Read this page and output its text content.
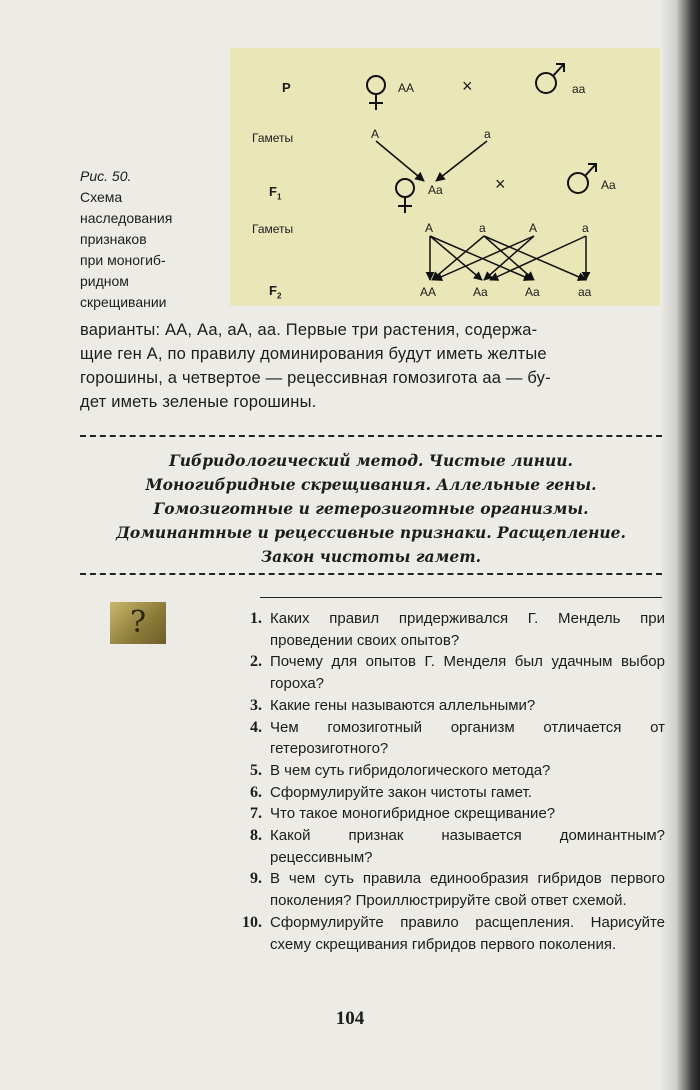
Рис. 50.
Схема
наследования
признаков
при моногиб-
ридном
скрещивании
P
Гаметы
$F_1$
Гаметы
$F_2$
AA	×	aa
A	a
Aa	×	Aa
A	a	A	a
AA	Aa	Aa	aa
варианты: АА, Аа, аА, аа. Первые три растения, содержа-
щие ген А, по правилу доминирования будут иметь желтые
горошины, а четвертое — рецессивная гомозигота аа — бу-
дет иметь зеленые горошины.
Гибридологический метод. Чистые линии.
Моногибридные скрещивания. Аллельные гены.
Гомозиготные и гетерозиготные организмы.
Доминантные и рецессивные признаки. Расщепление.
Закон чистоты гамет.
?	1. Каких правил придерживался Г. Мендель при проведении своих опытов?
2. Почему для опытов Г. Менделя был удачным выбор гороха?
3. Какие гены называются аллельными?
4. Чем гомозиготный организм отличается от гетерозиготного?
5. В чем суть гибридологического метода?
6. Сформулируйте закон чистоты гамет.
7. Что такое моногибридное скрещивание?
8. Какой признак называется доминантным? рецессивным?
9. В чем суть правила единообразия гибридов первого поколения? Проиллюстрируйте свой ответ схемой.
10. Сформулируйте правило расщепления. Нарисуйте схему скрещивания гибридов первого поколения.
104
